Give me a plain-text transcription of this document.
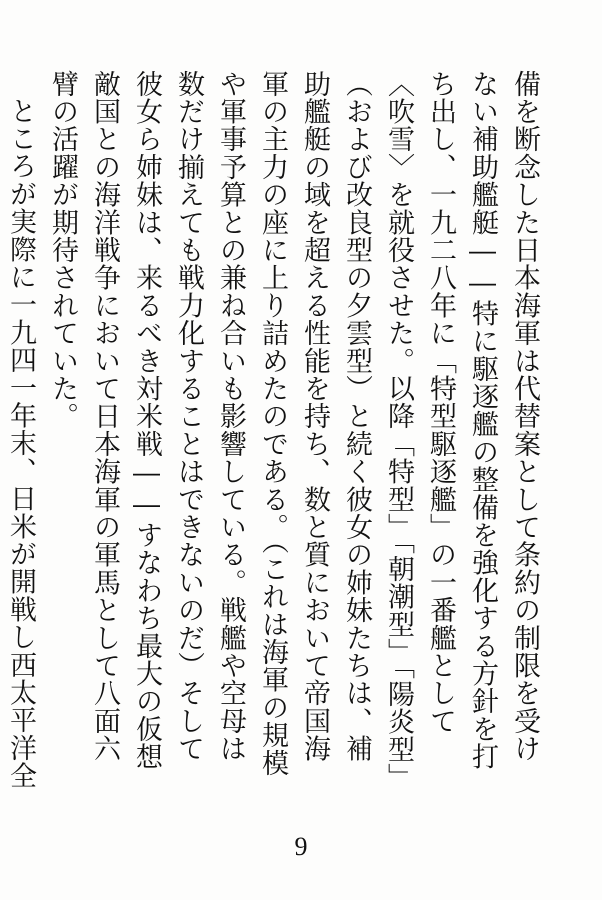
備を断念した日本海軍は代替案として条約の制限を受けない補助艦艇――特に駆逐艦の整備を強化する方針を打ち出し、一九二八年に「特型駆逐艦」の一番艦として〈吹雪〉を就役させた。以降「特型」「朝潮型」「陽炎型」（および改良型の夕雲型）と続く彼女の姉妹たちは、補助艦艇の域を超える性能を持ち、数と質において帝国海軍の主力の座に上り詰めたのである。（これは海軍の規模や軍事予算との兼ね合いも影響している。戦艦や空母は数だけ揃えても戦力化することはできないのだ）そして彼女ら姉妹は、来るべき対米戦――すなわち最大の仮想敵国との海洋戦争において日本海軍の軍馬として八面六臂の活躍が期待されていた。

ところが実際に一九四一年末、日米が開戦し西太平洋全

9
